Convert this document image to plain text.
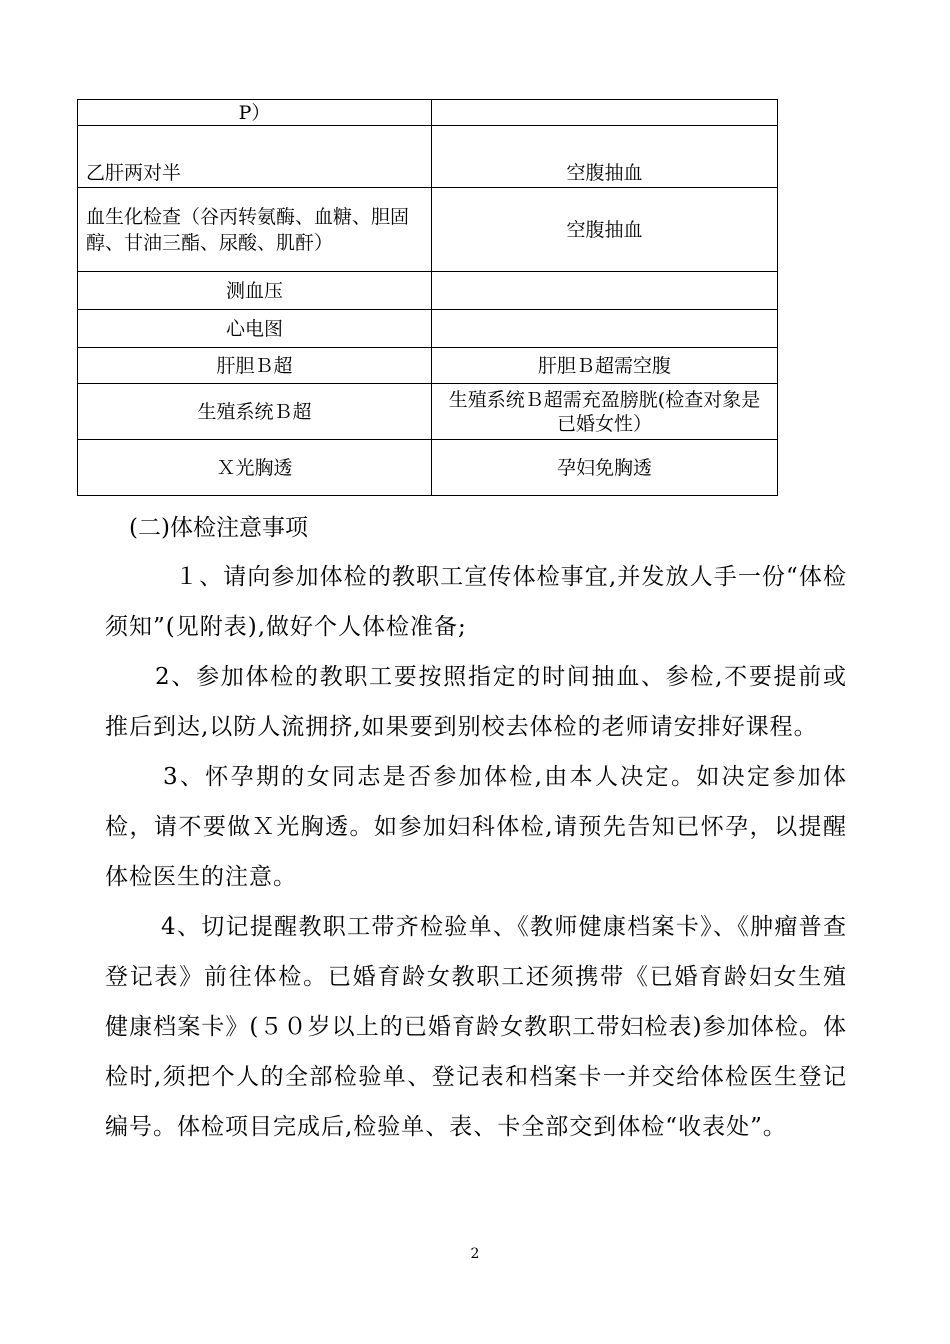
P）	
乙肝两对半	空腹抽血
血生化检查（谷丙转氨酶、血糖、胆固醇、甘油三酯、尿酸、肌酐）	空腹抽血
测血压	
心电图	
肝胆Ｂ超	肝胆Ｂ超需空腹
生殖系统Ｂ超	生殖系统Ｂ超需充盈膀胱(检查对象是已婚女性）
Ｘ光胸透	孕妇免胸透
(二)体检注意事项

１、请向参加体检的教职工宣传体检事宜,并发放人手一份“体检须知”(见附表),做好个人体检准备;

2、参加体检的教职工要按照指定的时间抽血、参检,不要提前或推后到达,以防人流拥挤,如果要到别校去体检的老师请安排好课程。

3、怀孕期的女同志是否参加体检,由本人决定。如决定参加体检，请不要做Ｘ光胸透。如参加妇科体检,请预先告知已怀孕，以提醒体检医生的注意。

4、切记提醒教职工带齐检验单、《教师健康档案卡》、《肿瘤普查登记表》前往体检。已婚育龄女教职工还须携带《已婚育龄妇女生殖健康档案卡》(５０岁以上的已婚育龄女教职工带妇检表)参加体检。体检时,须把个人的全部检验单、登记表和档案卡一并交给体检医生登记编号。体检项目完成后,检验单、表、卡全部交到体检“收表处”。

2
